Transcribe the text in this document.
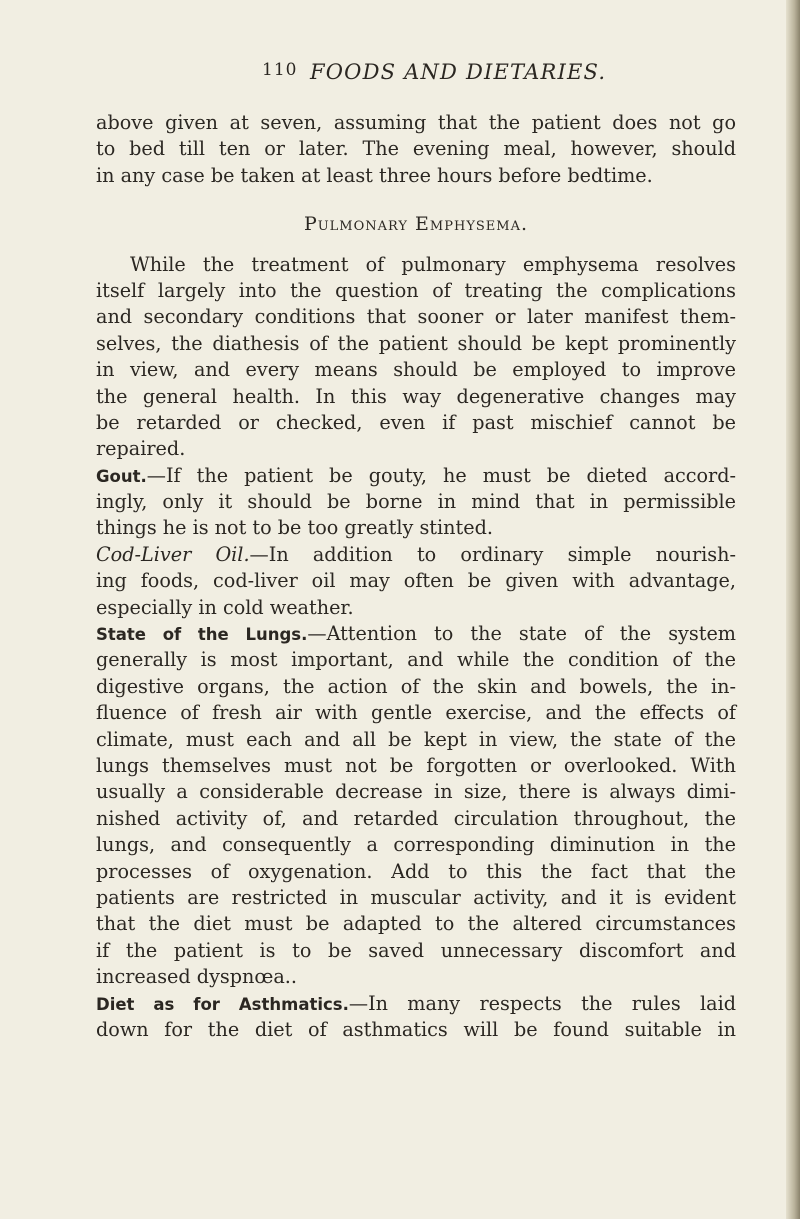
110 FOODS AND DIETARIES.
above given at seven, assuming that the patient does not go
to bed till ten or later. The evening meal, however, should
in any case be taken at least three hours before bedtime.
Pulmonary Emphysema.
While the treatment of pulmonary emphysema resolves
itself largely into the question of treating the complications
and secondary conditions that sooner or later manifest them-
selves, the diathesis of the patient should be kept prominently
in view, and every means should be employed to improve
the general health. In this way degenerative changes may
be retarded or checked, even if past mischief cannot be
repaired.
Gout.—If the patient be gouty, he must be dieted accord-
ingly, only it should be borne in mind that in permissible
things he is not to be too greatly stinted.
Cod-Liver Oil.—In addition to ordinary simple nourish-
ing foods, cod-liver oil may often be given with advantage,
especially in cold weather.
State of the Lungs.—Attention to the state of the system
generally is most important, and while the condition of the
digestive organs, the action of the skin and bowels, the in-
fluence of fresh air with gentle exercise, and the effects of
climate, must each and all be kept in view, the state of the
lungs themselves must not be forgotten or overlooked. With
usually a considerable decrease in size, there is always dimi-
nished activity of, and retarded circulation throughout, the
lungs, and consequently a corresponding diminution in the
processes of oxygenation. Add to this the fact that the
patients are restricted in muscular activity, and it is evident
that the diet must be adapted to the altered circumstances
if the patient is to be saved unnecessary discomfort and
increased dyspnœa..
Diet as for Asthmatics.—In many respects the rules laid
down for the diet of asthmatics will be found suitable in
